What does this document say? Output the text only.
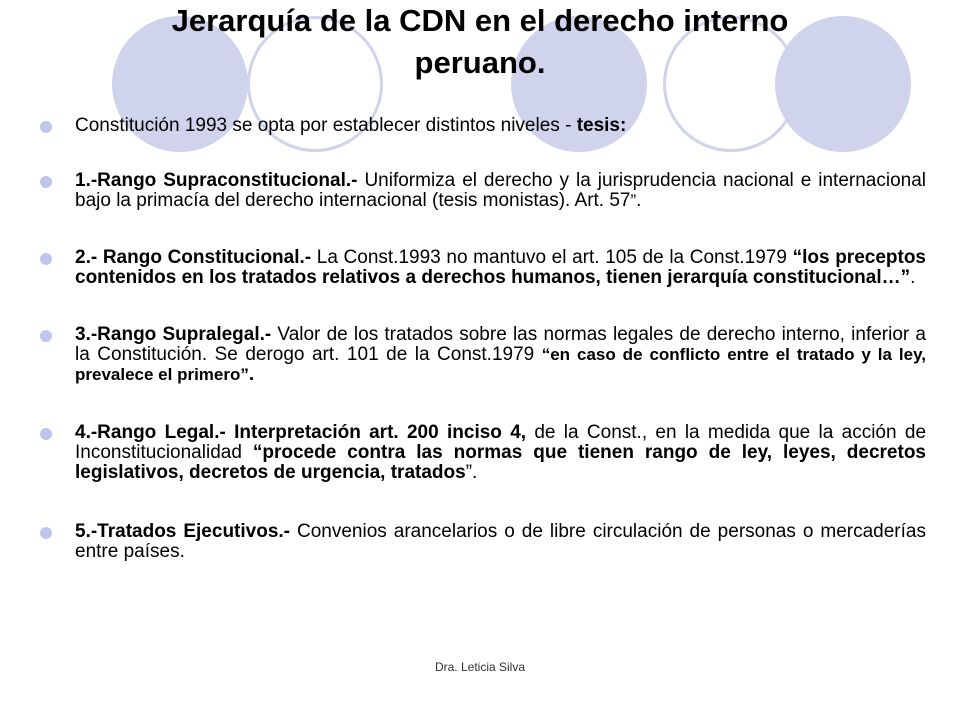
Jerarquía de la CDN en el derecho interno
peruano.
Constitución 1993 se opta por establecer distintos niveles - tesis:
1.-Rango Supraconstitucional.- Uniformiza el derecho y la jurisprudencia nacional e internacional bajo la primacía del derecho internacional (tesis monistas). Art. 57”.
2.- Rango Constitucional.- La Const.1993 no mantuvo el art. 105 de la Const.1979 “los preceptos contenidos en los tratados relativos a derechos humanos, tienen jerarquía constitucional…”.
3.-Rango Supralegal.- Valor de los tratados sobre las normas legales de derecho interno, inferior a la Constitución. Se derogo art. 101 de la Const.1979 “en caso de conflicto entre el tratado y la ley, prevalece el primero”.
4.-Rango Legal.- Interpretación art. 200 inciso 4, de la Const., en la medida que la acción de Inconstitucionalidad “procede contra las normas que tienen rango de ley, leyes, decretos legislativos, decretos de urgencia, tratados”.
5.-Tratados Ejecutivos.- Convenios arancelarios o de libre circulación de personas o mercaderías entre países.
Dra. Leticia Silva
